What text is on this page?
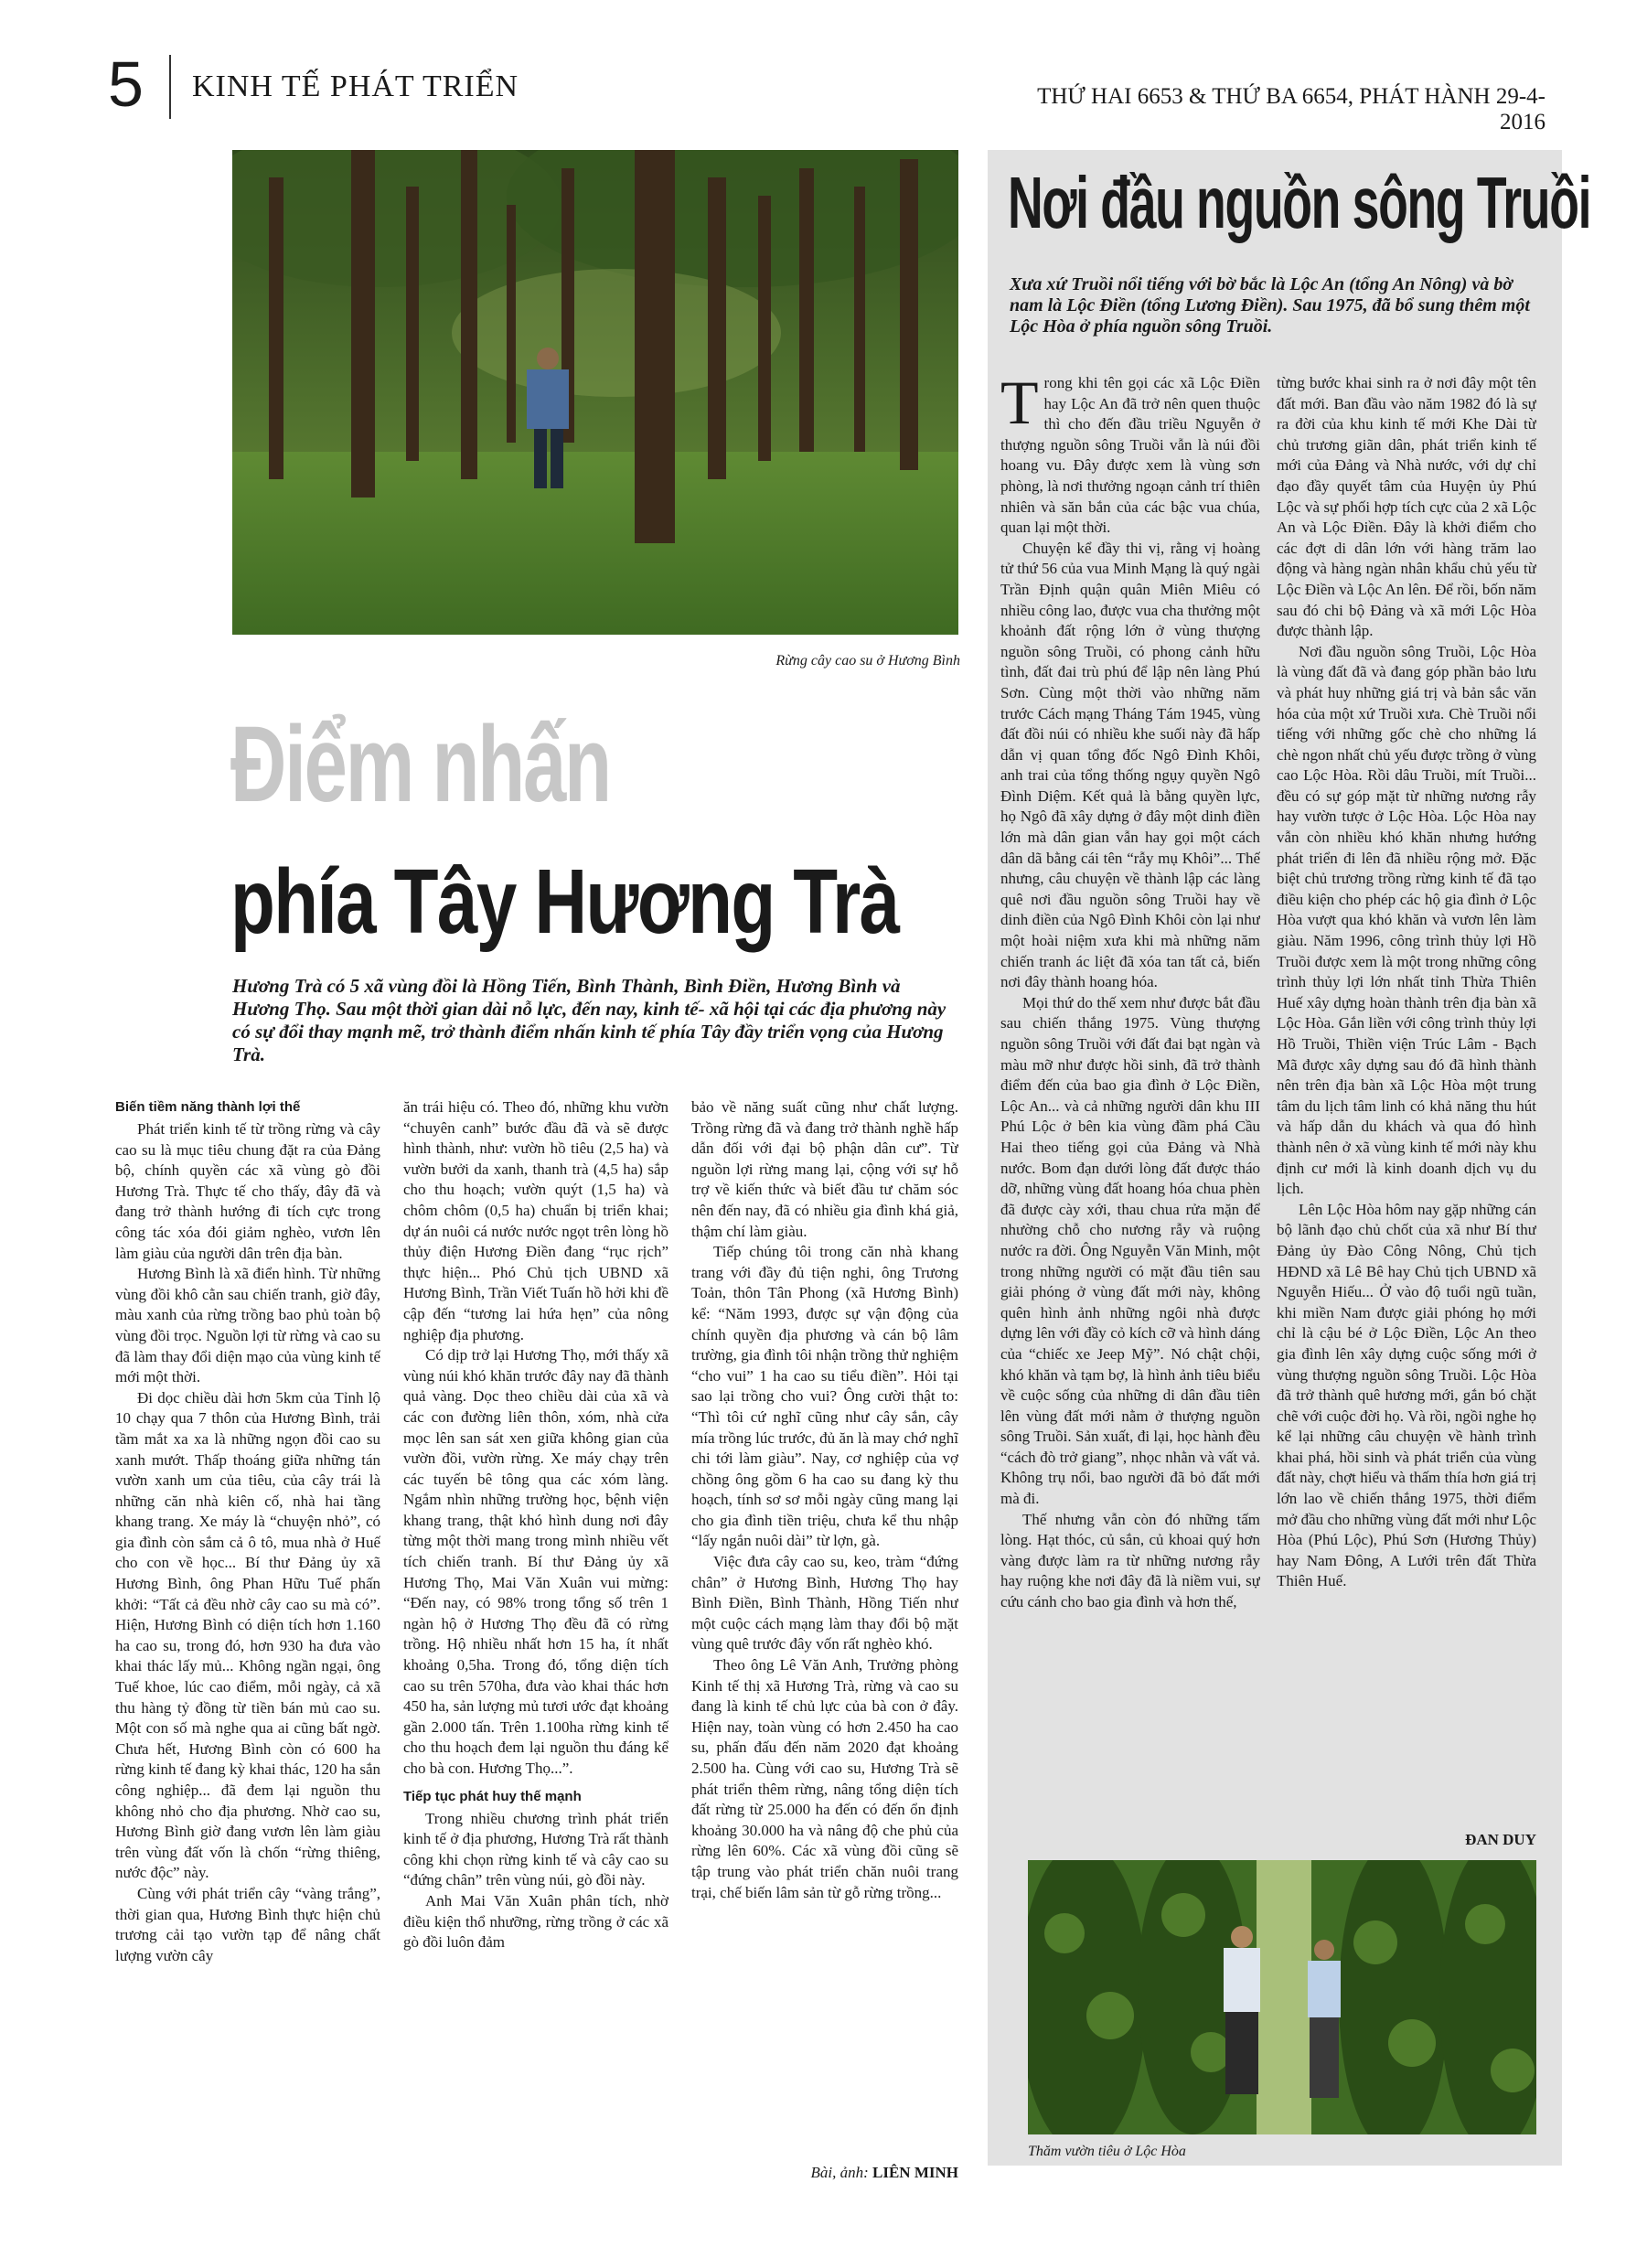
5 KINH TẾ PHÁT TRIỂN	THỨ HAI 6653 & THỨ BA 6654, PHÁT HÀNH 29-4-2016
Rừng cây cao su ở Hương Bình
Điểm nhấn
phía Tây Hương Trà
Hương Trà có 5 xã vùng đồi là Hồng Tiến, Bình Thành, Bình Điền, Hương Bình và Hương Thọ. Sau một thời gian dài nỗ lực, đến nay, kinh tế- xã hội tại các địa phương này có sự đổi thay mạnh mẽ, trở thành điểm nhấn kinh tế phía Tây đầy triển vọng của Hương Trà.
Biến tiềm năng thành lợi thế

Phát triển kinh tế từ trồng rừng và cây cao su là mục tiêu chung đặt ra của Đảng bộ, chính quyền các xã vùng gò đồi Hương Trà. Thực tế cho thấy, đây đã và đang trở thành hướng đi tích cực trong công tác xóa đói giảm nghèo, vươn lên làm giàu của người dân trên địa bàn.

Hương Bình là xã điển hình. Từ những vùng đồi khô cằn sau chiến tranh, giờ đây, màu xanh của rừng trồng bao phủ toàn bộ vùng đồi trọc. Nguồn lợi từ rừng và cao su đã làm thay đổi diện mạo của vùng kinh tế mới một thời.

Đi dọc chiều dài hơn 5km của Tỉnh lộ 10 chạy qua 7 thôn của Hương Bình, trải tầm mắt xa xa là những ngọn đồi cao su xanh mướt. Thấp thoáng giữa những tán vườn xanh um của tiêu, của cây trái là những căn nhà kiên cố, nhà hai tầng khang trang. Xe máy là “chuyện nhỏ”, có gia đình còn sắm cả ô tô, mua nhà ở Huế cho con về học... Bí thư Đảng ủy xã Hương Bình, ông Phan Hữu Tuế phấn khởi: “Tất cả đều nhờ cây cao su mà có”. Hiện, Hương Bình có diện tích hơn 1.160 ha cao su, trong đó, hơn 930 ha đưa vào khai thác lấy mủ... Không ngần ngại, ông Tuế khoe, lúc cao điểm, mỗi ngày, cả xã thu hàng tỷ đồng từ tiền bán mủ cao su. Một con số mà nghe qua ai cũng bất ngờ. Chưa hết, Hương Bình còn có 600 ha rừng kinh tế đang kỳ khai thác, 120 ha sắn công nghiệp... đã đem lại nguồn thu không nhỏ cho địa phương. Nhờ cao su, Hương Bình giờ đang vươn lên làm giàu trên vùng đất vốn là chốn “rừng thiêng, nước độc” này.

Cùng với phát triển cây “vàng trắng”, thời gian qua, Hương Bình thực hiện chủ trương cải tạo vườn tạp để nâng chất lượng vườn cây

ăn trái hiệu có. Theo đó, những khu vườn “chuyên canh” bước đầu đã và sẽ được hình thành, như: vườn hồ tiêu (2,5 ha) và vườn bưởi da xanh, thanh trà (4,5 ha) sắp cho thu hoạch; vườn quýt (1,5 ha) và chôm chôm (0,5 ha) chuẩn bị triển khai; dự án nuôi cá nước nước ngọt trên lòng hồ thủy điện Hương Điền đang “rục rịch” thực hiện... Phó Chủ tịch UBND xã Hương Bình, Trần Viết Tuấn hồ hởi khi đề cập đến “tương lai hứa hẹn” của nông nghiệp địa phương.

Có dịp trở lại Hương Thọ, mới thấy xã vùng núi khó khăn trước đây nay đã thành quả vàng. Dọc theo chiều dài của xã và các con đường liên thôn, xóm, nhà cửa mọc lên san sát xen giữa không gian của vườn đồi, vườn rừng. Xe máy chạy trên các tuyến bê tông qua các xóm làng. Ngắm nhìn những trường học, bệnh viện khang trang, thật khó hình dung nơi đây từng một thời mang trong mình nhiều vết tích chiến tranh. Bí thư Đảng ủy xã Hương Thọ, Mai Văn Xuân vui mừng: “Đến nay, có 98% trong tổng số trên 1 ngàn hộ ở Hương Thọ đều đã có rừng trồng. Hộ nhiều nhất hơn 15 ha, ít nhất khoảng 0,5ha. Trong đó, tổng diện tích cao su trên 570ha, đưa vào khai thác hơn 450 ha, sản lượng mủ tươi ước đạt khoảng gần 2.000 tấn. Trên 1.100ha rừng kinh tế cho thu hoạch đem lại nguồn thu đáng kể cho bà con. Hương Thọ...”.

Tiếp tục phát huy thế mạnh

Trong nhiều chương trình phát triển kinh tế ở địa phương, Hương Trà rất thành công khi chọn rừng kinh tế và cây cao su “đứng chân” trên vùng núi, gò đồi này.

Anh Mai Văn Xuân phân tích, nhờ điều kiện thổ nhưỡng, rừng trồng ở các xã gò đồi luôn đảm

bảo về năng suất cũng như chất lượng. Trồng rừng đã và đang trở thành nghề hấp dẫn đối với đại bộ phận dân cư”. Từ nguồn lợi rừng mang lại, cộng với sự hỗ trợ về kiến thức và biết đầu tư chăm sóc nên đến nay, đã có nhiều gia đình khá giả, thậm chí làm giàu.

Tiếp chúng tôi trong căn nhà khang trang với đầy đủ tiện nghi, ông Trương Toản, thôn Tân Phong (xã Hương Bình) kể: “Năm 1993, được sự vận động của chính quyền địa phương và cán bộ lâm trường, gia đình tôi nhận trồng thử nghiệm “cho vui” 1 ha cao su tiểu điền”. Hỏi tại sao lại trồng cho vui? Ông cười thật to: “Thì tôi cứ nghĩ cũng như cây sắn, cây mía trồng lúc trước, đủ ăn là may chớ nghĩ chi tới làm giàu”. Nay, cơ nghiệp của vợ chồng ông gồm 6 ha cao su đang kỳ thu hoạch, tính sơ sơ mỗi ngày cũng mang lại cho gia đình tiền triệu, chưa kể thu nhập “lấy ngắn nuôi dài” từ lợn, gà.

Việc đưa cây cao su, keo, tràm “đứng chân” ở Hương Bình, Hương Thọ hay Bình Điền, Bình Thành, Hồng Tiến như một cuộc cách mạng làm thay đổi bộ mặt vùng quê trước đây vốn rất nghèo khó.

Theo ông Lê Văn Anh, Trưởng phòng Kinh tế thị xã Hương Trà, rừng và cao su đang là kinh tế chủ lực của bà con ở đây. Hiện nay, toàn vùng có hơn 2.450 ha cao su, phấn đấu đến năm 2020 đạt khoảng 2.500 ha. Cùng với cao su, Hương Trà sẽ phát triển thêm rừng, nâng tổng diện tích đất rừng từ 25.000 ha đến có đến ổn định khoảng 30.000 ha và nâng độ che phủ của rừng lên 60%. Các xã vùng đồi cũng sẽ tập trung vào phát triển chăn nuôi trang trại, chế biến lâm sản từ gỗ rừng trồng...

Bài, ảnh: LIÊN MINH
Nơi đầu nguồn sông Truồi
Xưa xứ Truồi nổi tiếng với bờ bắc là Lộc An (tổng An Nông) và bờ nam là Lộc Điền (tổng Lương Điền). Sau 1975, đã bổ sung thêm một Lộc Hòa ở phía nguồn sông Truồi.

Trong khi tên gọi các xã Lộc Điền hay Lộc An đã trở nên quen thuộc thì cho đến đầu triều Nguyễn ở thượng nguồn sông Truồi vẫn là núi đồi hoang vu. Đây được xem là vùng sơn phòng, là nơi thưởng ngoạn cảnh trí thiên nhiên và săn bắn của các bậc vua chúa, quan lại một thời.

Chuyện kể đầy thi vị, rằng vị hoàng tử thứ 56 của vua Minh Mạng là quý ngài Trần Định quận quân Miên Miêu có nhiều công lao, được vua cha thưởng một khoảnh đất rộng lớn ở vùng thượng nguồn sông Truồi, có phong cảnh hữu tình, đất đai trù phú để lập nên làng Phú Sơn. Cùng một thời vào những năm trước Cách mạng Tháng Tám 1945, vùng đất đồi núi có nhiều khe suối này đã hấp dẫn vị quan tổng đốc Ngô Đình Khôi, anh trai của tổng thống ngụy quyền Ngô Đình Diệm. Kết quả là bằng quyền lực, họ Ngô đã xây dựng ở đây một dinh điền lớn mà dân gian vẫn hay gọi một cách dân dã bằng cái tên “rẫy mụ Khôi”... Thế nhưng, câu chuyện về thành lập các làng quê nơi đầu nguồn sông Truồi hay về dinh điền của Ngô Đình Khôi còn lại như một hoài niệm xưa khi mà những năm chiến tranh ác liệt đã xóa tan tất cả, biến nơi đây thành hoang hóa.

Mọi thứ do thế xem như được bắt đầu sau chiến thắng 1975. Vùng thượng nguồn sông Truồi với đất đai bạt ngàn và màu mỡ như được hồi sinh, đã trở thành điểm đến của bao gia đình ở Lộc Điền, Lộc An... và cả những người dân khu III Phú Lộc ở bên kia vùng đầm phá Cầu Hai theo tiếng gọi của Đảng và Nhà nước. Bom đạn dưới lòng đất được tháo dỡ, những vùng đất hoang hóa chua phèn đã được cày xới, thau chua rửa mặn để nhường chỗ cho nương rẫy và ruộng nước ra đời. Ông Nguyễn Văn Minh, một trong những người có mặt đầu tiên sau giải phóng ở vùng đất mới này, không quên hình ảnh những ngôi nhà được dựng lên với đầy cỏ kích cỡ và hình dáng của “chiếc xe Jeep Mỹ”. Nó chật chội, khó khăn và tạm bợ, là hình ảnh tiêu biểu về cuộc sống của những di dân đầu tiên lên vùng đất mới nằm ở thượng nguồn sông Truồi. Sản xuất, đi lại, học hành đều “cách đò trở giang”, nhọc nhằn và vất vả. Không trụ nổi, bao người đã bỏ đất mới mà đi.

Thế nhưng vẫn còn đó những tấm lòng. Hạt thóc, củ sắn, củ khoai quý hơn vàng được làm ra từ những nương rẫy hay ruộng khe nơi đây đã là niềm vui, sự cứu cánh cho bao gia đình và hơn thế,

từng bước khai sinh ra ở nơi đây một tên đất mới. Ban đầu vào năm 1982 đó là sự ra đời của khu kinh tế mới Khe Dài từ chủ trương giãn dân, phát triển kinh tế mới của Đảng và Nhà nước, với dự chỉ đạo đầy quyết tâm của Huyện ủy Phú Lộc và sự phối hợp tích cực của 2 xã Lộc An và Lộc Điền. Đây là khởi điểm cho các đợt di dân lớn với hàng trăm lao động và hàng ngàn nhân khẩu chủ yếu từ Lộc Điền và Lộc An lên. Để rồi, bốn năm sau đó chi bộ Đảng và xã mới Lộc Hòa được thành lập.

Nơi đầu nguồn sông Truồi, Lộc Hòa là vùng đất đã và đang góp phần bảo lưu và phát huy những giá trị và bản sắc văn hóa của một xứ Truồi xưa. Chè Truồi nổi tiếng với những gốc chè cho những lá chè ngon nhất chủ yếu được trồng ở vùng cao Lộc Hòa. Rồi dâu Truồi, mít Truồi... đều có sự góp mặt từ những nương rẫy hay vườn tược ở Lộc Hòa. Lộc Hòa nay vẫn còn nhiều khó khăn nhưng hướng phát triển đi lên đã nhiều rộng mở. Đặc biệt chủ trương trồng rừng kinh tế đã tạo điều kiện cho phép các hộ gia đình ở Lộc Hòa vượt qua khó khăn và vươn lên làm giàu. Năm 1996, công trình thủy lợi Hồ Truồi được xem là một trong những công trình thủy lợi lớn nhất tỉnh Thừa Thiên Huế xây dựng hoàn thành trên địa bàn xã Lộc Hòa. Gắn liền với công trình thủy lợi Hồ Truồi, Thiền viện Trúc Lâm - Bạch Mã được xây dựng sau đó đã hình thành nên trên địa bàn xã Lộc Hòa một trung tâm du lịch tâm linh có khả năng thu hút và hấp dẫn du khách và qua đó hình thành nên ở xã vùng kinh tế mới này khu định cư mới là kinh doanh dịch vụ du lịch.

Lên Lộc Hòa hôm nay gặp những cán bộ lãnh đạo chủ chốt của xã như Bí thư Đảng ủy Đào Công Nông, Chủ tịch HĐND xã Lê Bê hay Chủ tịch UBND xã Nguyễn Hiếu... Ở vào độ tuổi ngũ tuần, khi miền Nam được giải phóng họ mới chỉ là cậu bé ở Lộc Điền, Lộc An theo gia đình lên xây dựng cuộc sống mới ở vùng thượng nguồn sông Truồi. Lộc Hòa đã trở thành quê hương mới, gắn bó chặt chẽ với cuộc đời họ. Và rồi, ngồi nghe họ kể lại những câu chuyện về hành trình khai phá, hồi sinh và phát triển của vùng đất này, chợt hiểu và thấm thía hơn giá trị lớn lao về chiến thắng 1975, thời điểm mở đầu cho những vùng đất mới như Lộc Hòa (Phú Lộc), Phú Sơn (Hương Thủy) hay Nam Đông, A Lưới trên đất Thừa Thiên Huế.

ĐAN DUY
Thăm vườn tiêu ở Lộc Hòa
